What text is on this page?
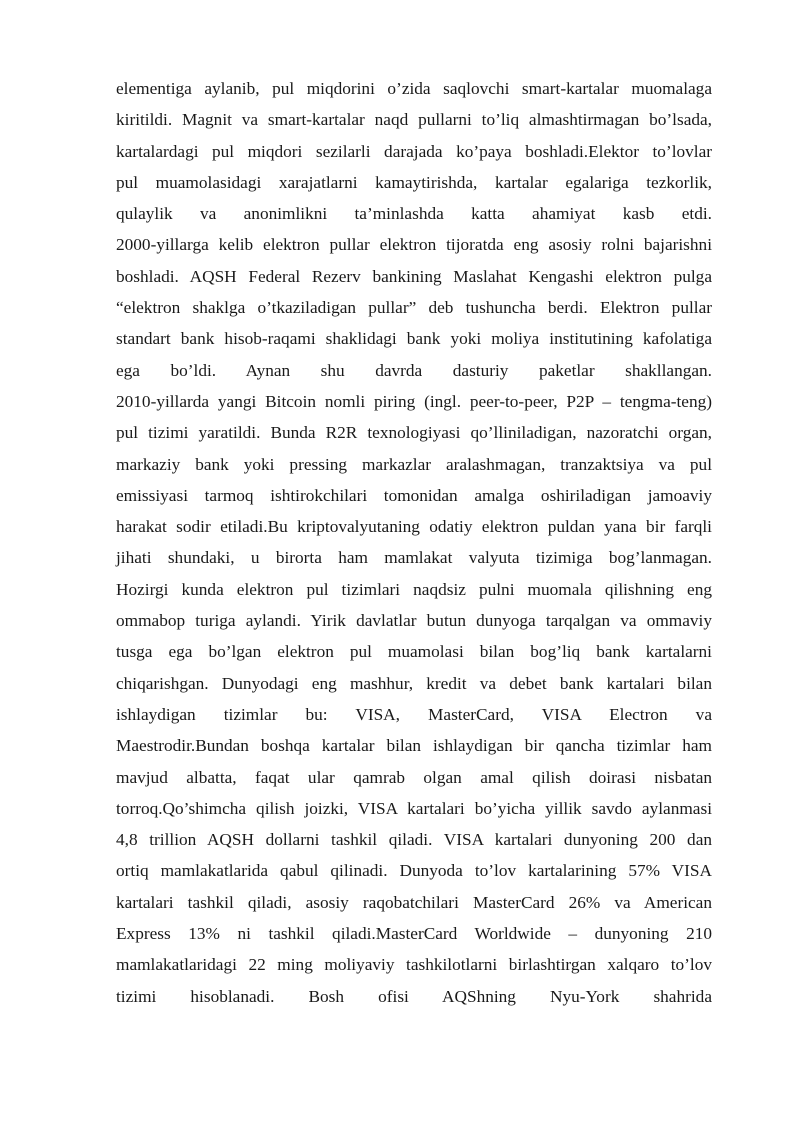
elementiga aylanib, pul miqdorini o’zida saqlovchi smart-kartalar muomalaga
kiritildi. Magnit va smart-kartalar naqd pullarni to’liq almashtirmagan bo’lsada,
kartalardagi pul miqdori sezilarli darajada ko’paya boshladi.Elektor to’lovlar
pul muamolasidagi xarajatlarni kamaytirishda, kartalar egalariga tezkorlik,
qulaylik va anonimlikni ta’minlashda katta ahamiyat kasb etdi.
2000-yillarga kelib elektron pullar elektron tijoratda eng asosiy rolni bajarishni
boshladi. AQSH Federal Rezerv bankining Maslahat Kengashi elektron pulga
“elektron shaklga o’tkaziladigan pullar” deb tushuncha berdi. Elektron pullar
standart bank hisob-raqami shaklidagi bank yoki moliya institutining kafolatiga
ega bo’ldi. Aynan shu davrda dasturiy paketlar shakllangan.
2010-yillarda yangi Bitcoin nomli piring (ingl. peer-to-peer, P2P – tengma-teng)
pul tizimi yaratildi. Bunda R2R texnologiyasi qo’lliniladigan, nazoratchi organ,
markaziy bank yoki pressing markazlar aralashmagan, tranzaktsiya va pul
emissiyasi tarmoq ishtirokchilari tomonidan amalga oshiriladigan jamoaviy
harakat sodir etiladi.Bu kriptovalyutaning odatiy elektron puldan yana bir farqli
jihati shundaki, u birorta ham mamlakat valyuta tizimiga bog’lanmagan.
Hozirgi kunda elektron pul tizimlari naqdsiz pulni muomala qilishning eng
ommabop turiga aylandi. Yirik davlatlar butun dunyoga tarqalgan va ommaviy
tusga ega bo’lgan elektron pul muamolasi bilan bog’liq bank kartalarni
chiqarishgan. Dunyodagi eng mashhur, kredit va debet bank kartalari bilan
ishlaydigan tizimlar bu: VISA, MasterCard, VISA Electron va
Maestrodir.Bundan boshqa kartalar bilan ishlaydigan bir qancha tizimlar ham
mavjud albatta, faqat ular qamrab olgan amal qilish doirasi nisbatan
torroq.Qo’shimcha qilish joizki, VISA kartalari bo’yicha yillik savdo aylanmasi
4,8 trillion AQSH dollarni tashkil qiladi. VISA kartalari dunyoning 200 dan
ortiq mamlakatlarida qabul qilinadi. Dunyoda to’lov kartalarining 57% VISA
kartalari tashkil qiladi, asosiy raqobatchilari MasterCard 26% va American
Express 13% ni tashkil qiladi.MasterCard Worldwide – dunyoning 210
mamlakatlaridagi 22 ming moliyaviy tashkilotlarni birlashtirgan xalqaro to’lov
tizimi hisoblanadi. Bosh ofisi AQShning Nyu-York shahrida
